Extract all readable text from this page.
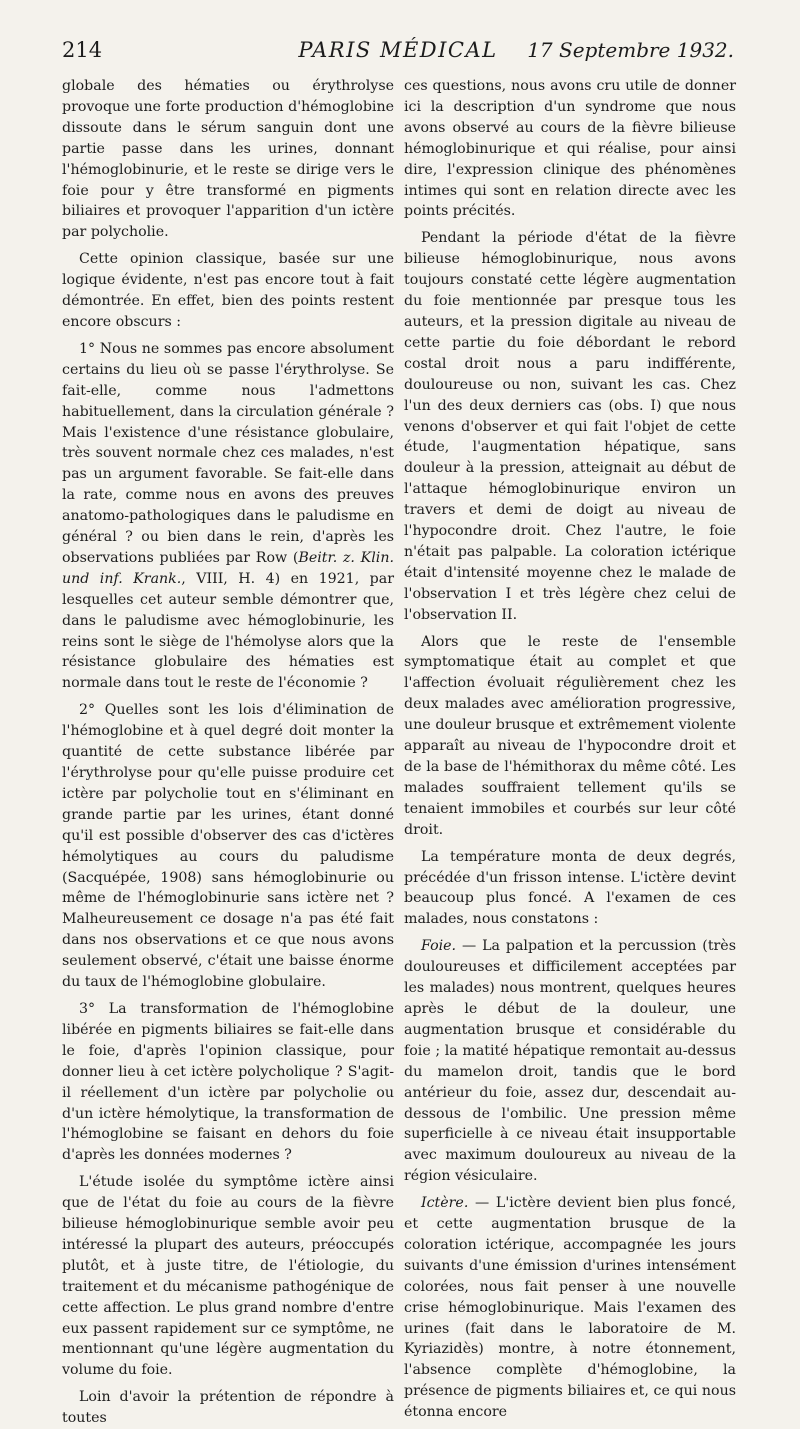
214	PARIS MÉDICAL	17 Septembre 1932.

globale des hématies ou érythrolyse provoque une forte production d'hémoglobine dissoute dans le sérum sanguin dont une partie passe dans les urines, donnant l'hémoglobinurie, et le reste se dirige vers le foie pour y être transformé en pigments biliaires et provoquer l'apparition d'un ictère par polycholie.

Cette opinion classique, basée sur une logique évidente, n'est pas encore tout à fait démontrée. En effet, bien des points restent encore obscurs :

1° Nous ne sommes pas encore absolument certains du lieu où se passe l'érythrolyse. Se fait-elle, comme nous l'admettons habituellement, dans la circulation générale ? Mais l'existence d'une résistance globulaire, très souvent normale chez ces malades, n'est pas un argument favorable. Se fait-elle dans la rate, comme nous en avons des preuves anatomo-pathologiques dans le paludisme en général ? ou bien dans le rein, d'après les observations publiées par Row (Beitr. z. Klin. und inf. Krank., VIII, H. 4) en 1921, par lesquelles cet auteur semble démontrer que, dans le paludisme avec hémoglobinurie, les reins sont le siège de l'hémolyse alors que la résistance globulaire des hématies est normale dans tout le reste de l'économie ?

2° Quelles sont les lois d'élimination de l'hémoglobine et à quel degré doit monter la quantité de cette substance libérée par l'érythrolyse pour qu'elle puisse produire cet ictère par polycholie tout en s'éliminant en grande partie par les urines, étant donné qu'il est possible d'observer des cas d'ictères hémolytiques au cours du paludisme (Sacquépée, 1908) sans hémoglobinurie ou même de l'hémoglobinurie sans ictère net ? Malheureusement ce dosage n'a pas été fait dans nos observations et ce que nous avons seulement observé, c'était une baisse énorme du taux de l'hémoglobine globulaire.

3° La transformation de l'hémoglobine libérée en pigments biliaires se fait-elle dans le foie, d'après l'opinion classique, pour donner lieu à cet ictère polycholique ? S'agit-il réellement d'un ictère par polycholie ou d'un ictère hémolytique, la transformation de l'hémoglobine se faisant en dehors du foie d'après les données modernes ?

L'étude isolée du symptôme ictère ainsi que de l'état du foie au cours de la fièvre bilieuse hémoglobinurique semble avoir peu intéressé la plupart des auteurs, préoccupés plutôt, et à juste titre, de l'étiologie, du traitement et du mécanisme pathogénique de cette affection. Le plus grand nombre d'entre eux passent rapidement sur ce symptôme, ne mentionnant qu'une légère augmentation du volume du foie.

Loin d'avoir la prétention de répondre à toutes

ces questions, nous avons cru utile de donner ici la description d'un syndrome que nous avons observé au cours de la fièvre bilieuse hémoglobinurique et qui réalise, pour ainsi dire, l'expression clinique des phénomènes intimes qui sont en relation directe avec les points précités.

Pendant la période d'état de la fièvre bilieuse hémoglobinurique, nous avons toujours constaté cette légère augmentation du foie mentionnée par presque tous les auteurs, et la pression digitale au niveau de cette partie du foie débordant le rebord costal droit nous a paru indifférente, douloureuse ou non, suivant les cas. Chez l'un des deux derniers cas (obs. I) que nous venons d'observer et qui fait l'objet de cette étude, l'augmentation hépatique, sans douleur à la pression, atteignait au début de l'attaque hémoglobinurique environ un travers et demi de doigt au niveau de l'hypocondre droit. Chez l'autre, le foie n'était pas palpable. La coloration ictérique était d'intensité moyenne chez le malade de l'observation I et très légère chez celui de l'observation II.

Alors que le reste de l'ensemble symptomatique était au complet et que l'affection évoluait régulièrement chez les deux malades avec amélioration progressive, une douleur brusque et extrêmement violente apparaît au niveau de l'hypocondre droit et de la base de l'hémithorax du même côté. Les malades souffraient tellement qu'ils se tenaient immobiles et courbés sur leur côté droit.

La température monta de deux degrés, précédée d'un frisson intense. L'ictère devint beaucoup plus foncé. A l'examen de ces malades, nous constatons :

Foie. — La palpation et la percussion (très douloureuses et difficilement acceptées par les malades) nous montrent, quelques heures après le début de la douleur, une augmentation brusque et considérable du foie ; la matité hépatique remontait au-dessus du mamelon droit, tandis que le bord antérieur du foie, assez dur, descendait au-dessous de l'ombilic. Une pression même superficielle à ce niveau était insupportable avec maximum douloureux au niveau de la région vésiculaire.

Ictère. — L'ictère devient bien plus foncé, et cette augmentation brusque de la coloration ictérique, accompagnée les jours suivants d'une émission d'urines intensément colorées, nous fait penser à une nouvelle crise hémoglobinurique. Mais l'examen des urines (fait dans le laboratoire de M. Kyriazidès) montre, à notre étonnement, l'absence complète d'hémoglobine, la présence de pigments biliaires et, ce qui nous étonna encore
